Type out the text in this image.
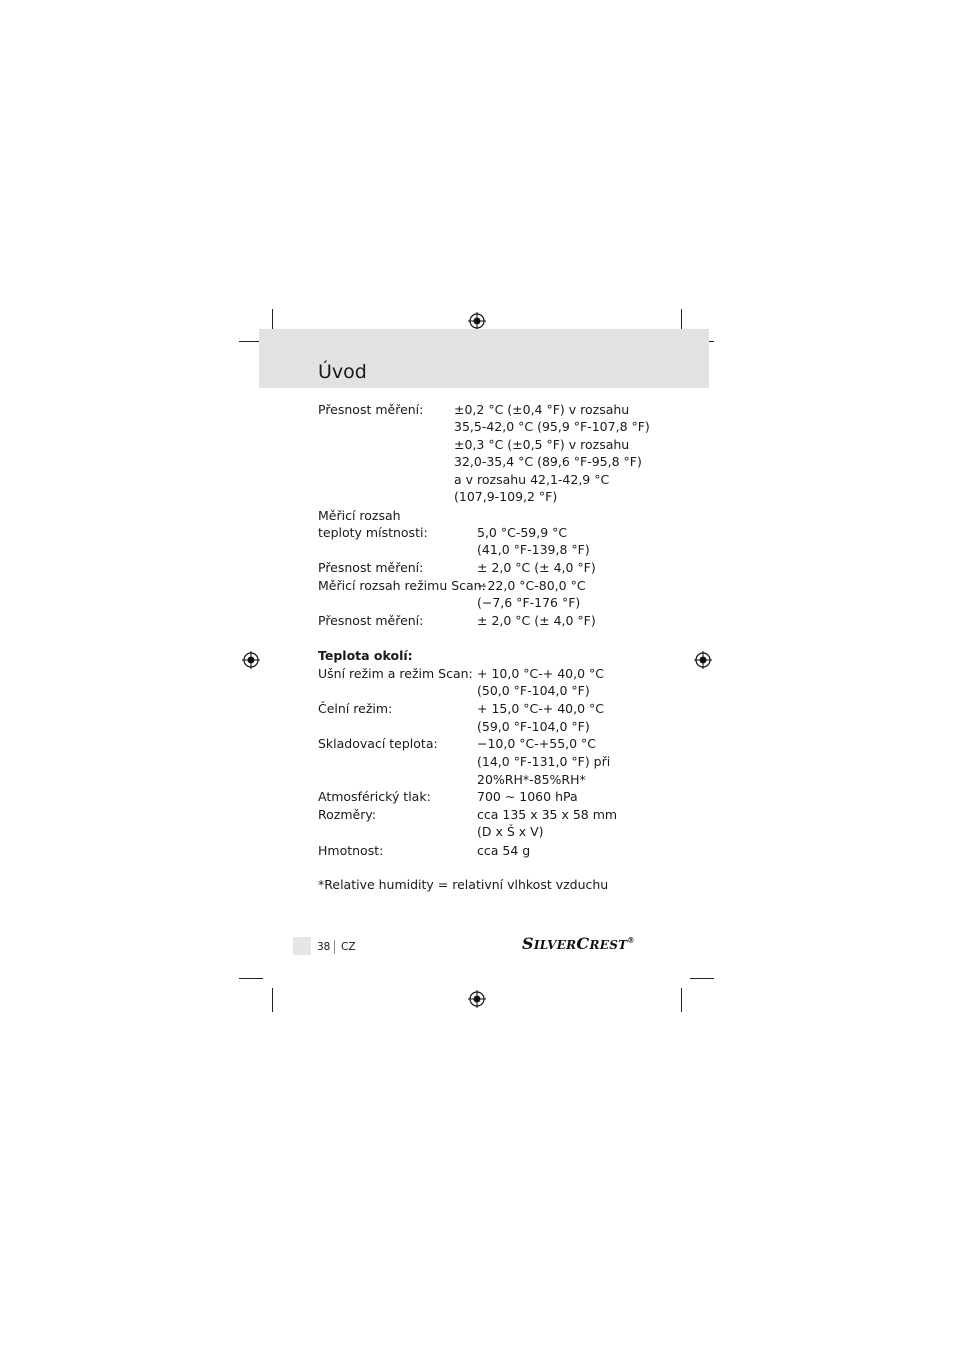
Úvod
Přesnost měření: ±0,2 °C (±0,4 °F) v rozsahu
35,5-42,0 °C (95,9 °F-107,8 °F)
±0,3 °C (±0,5 °F) v rozsahu
32,0-35,4 °C (89,6 °F-95,8 °F)
a v rozsahu 42,1-42,9 °C
(107,9-109,2 °F)
Měřicí rozsah
teploty místnosti:	5,0 °C-59,9 °C
(41,0 °F-139,8 °F)
Přesnost měření:	± 2,0 °C (± 4,0 °F)
Měřicí rozsah režimu Scan:
−22,0 °C-80,0 °C
(−7,6 °F-176 °F)
Přesnost měření:	± 2,0 °C (± 4,0 °F)
Teplota okolí:
Ušní režim a režim Scan: + 10,0 °C-+ 40,0 °C
(50,0 °F-104,0 °F)
Čelní režim:	+ 15,0 °C-+ 40,0 °C
(59,0 °F-104,0 °F)
Skladovací teplota:	−10,0 °C-+55,0 °C
(14,0 °F-131,0 °F) při
20%RH*-85%RH*
Atmosférický tlak:	700 ~ 1060 hPa
Rozměry:	cca 135 x 35 x 58 mm
(D x Š x V)
Hmotnost:	cca 54 g
*Relative humidity = relativní vlhkost vzduchu
38 CZ	SILVERCREST®
